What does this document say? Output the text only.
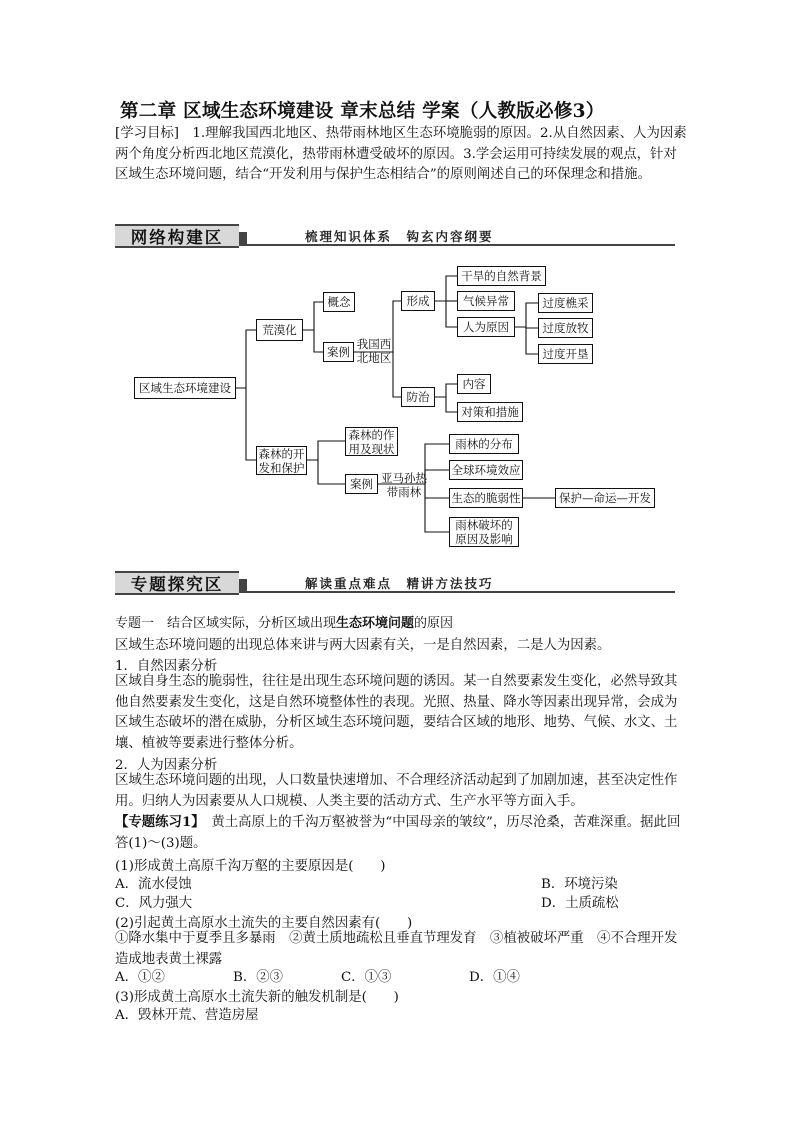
第二章 区域生态环境建设 章末总结 学案（人教版必修3）
[学习目标]　1.理解我国西北地区、热带雨林地区生态环境脆弱的原因。2.从自然因素、人为因素两个角度分析西北地区荒漠化，热带雨林遭受破坏的原因。3.学会运用可持续发展的观点，针对区域生态环境问题，结合“开发利用与保护生态相结合”的原则阐述自己的环保理念和措施。
网络构建区	梳理知识体系　钩玄内容纲要
区域生态环境建设
荒漠化
概念
案例
我国西
北地区
形成
干旱的自然背景
气候异常
人为原因
过度樵采
过度放牧
过度开垦
防治
内容
对策和措施
森林的开
发和保护
森林的作
用及现状
案例 亚马孙热
带雨林
雨林的分布
全球环境效应
生态的脆弱性
雨林破坏的
原因及影响
保护—命运—开发
专题探究区	解读重点难点　精讲方法技巧
专题一　结合区域实际，分析区域出现生态环境问题的原因
区域生态环境问题的出现总体来讲与两大因素有关，一是自然因素，二是人为因素。
1．自然因素分析
区域自身生态的脆弱性，往往是出现生态环境问题的诱因。某一自然要素发生变化，必然导致其他自然要素发生变化，这是自然环境整体性的表现。光照、热量、降水等因素出现异常，会成为区域生态破坏的潜在威胁，分析区域生态环境问题，要结合区域的地形、地势、气候、水文、土壤、植被等要素进行整体分析。
2．人为因素分析
区域生态环境问题的出现，人口数量快速增加、不合理经济活动起到了加剧加速，甚至决定性作用。归纳人为因素要从人口规模、人类主要的活动方式、生产水平等方面入手。
【专题练习1】　黄土高原上的千沟万壑被誉为“中国母亲的皱纹”，历尽沧桑，苦难深重。据此回答(1)～(3)题。
(1)形成黄土高原千沟万壑的主要原因是(　　)
A．流水侵蚀	B．环境污染
C．风力强大	D．土质疏松
(2)引起黄土高原水土流失的主要自然因素有(　　)
①降水集中于夏季且多暴雨　②黄土质地疏松且垂直节理发育　③植被破坏严重　④不合理开发造成地表黄土裸露
A．①②	B．②③	C．①③	D．①④
(3)形成黄土高原水土流失新的触发机制是(　　)
A．毁林开荒、营造房屋
